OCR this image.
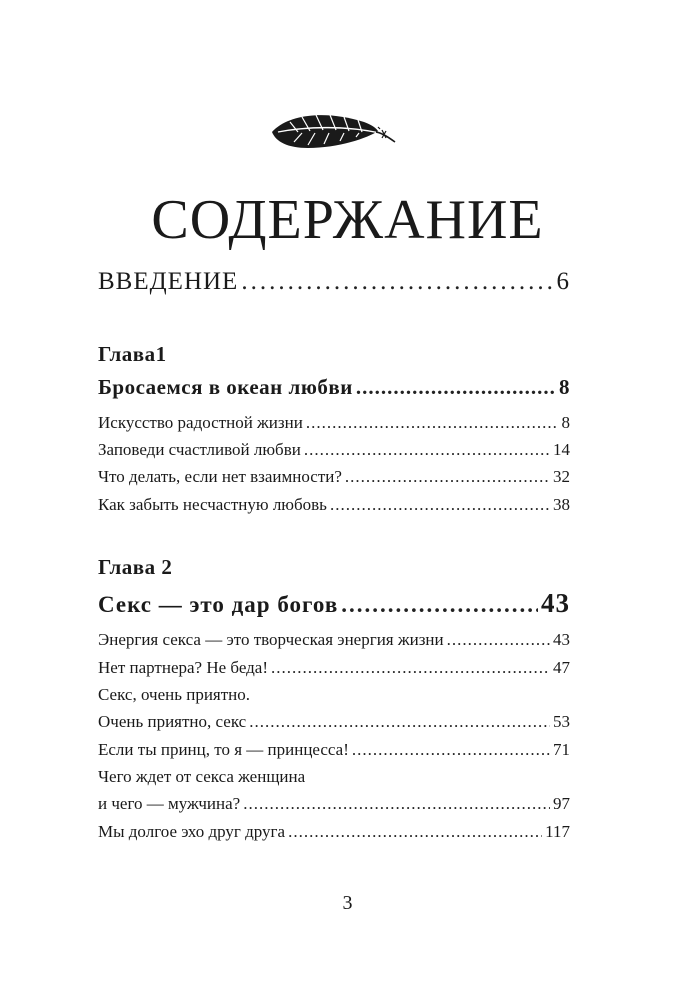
СОДЕРЖАНИЕ
ВВЕДЕНИЕ .....	6
Глава1
Бросаемся в океан любви .....	8
Искусство радостной жизни .....	8
Заповеди счастливой любви .....	14
Что делать, если нет взаимности? .....	32
Как забыть несчастную любовь .....	38
Глава 2
Секс — это дар богов .....	43
Энергия секса — это творческая энергия жизни .....	43
Нет партнера? Не беда! .....	47
Секс, очень приятно.
Очень приятно, секс .....	53
Если ты принц, то я — принцесса! .....	71
Чего ждет от секса женщина
и чего — мужчина? .....	97
Мы долгое эхо друг друга .....	117
3
